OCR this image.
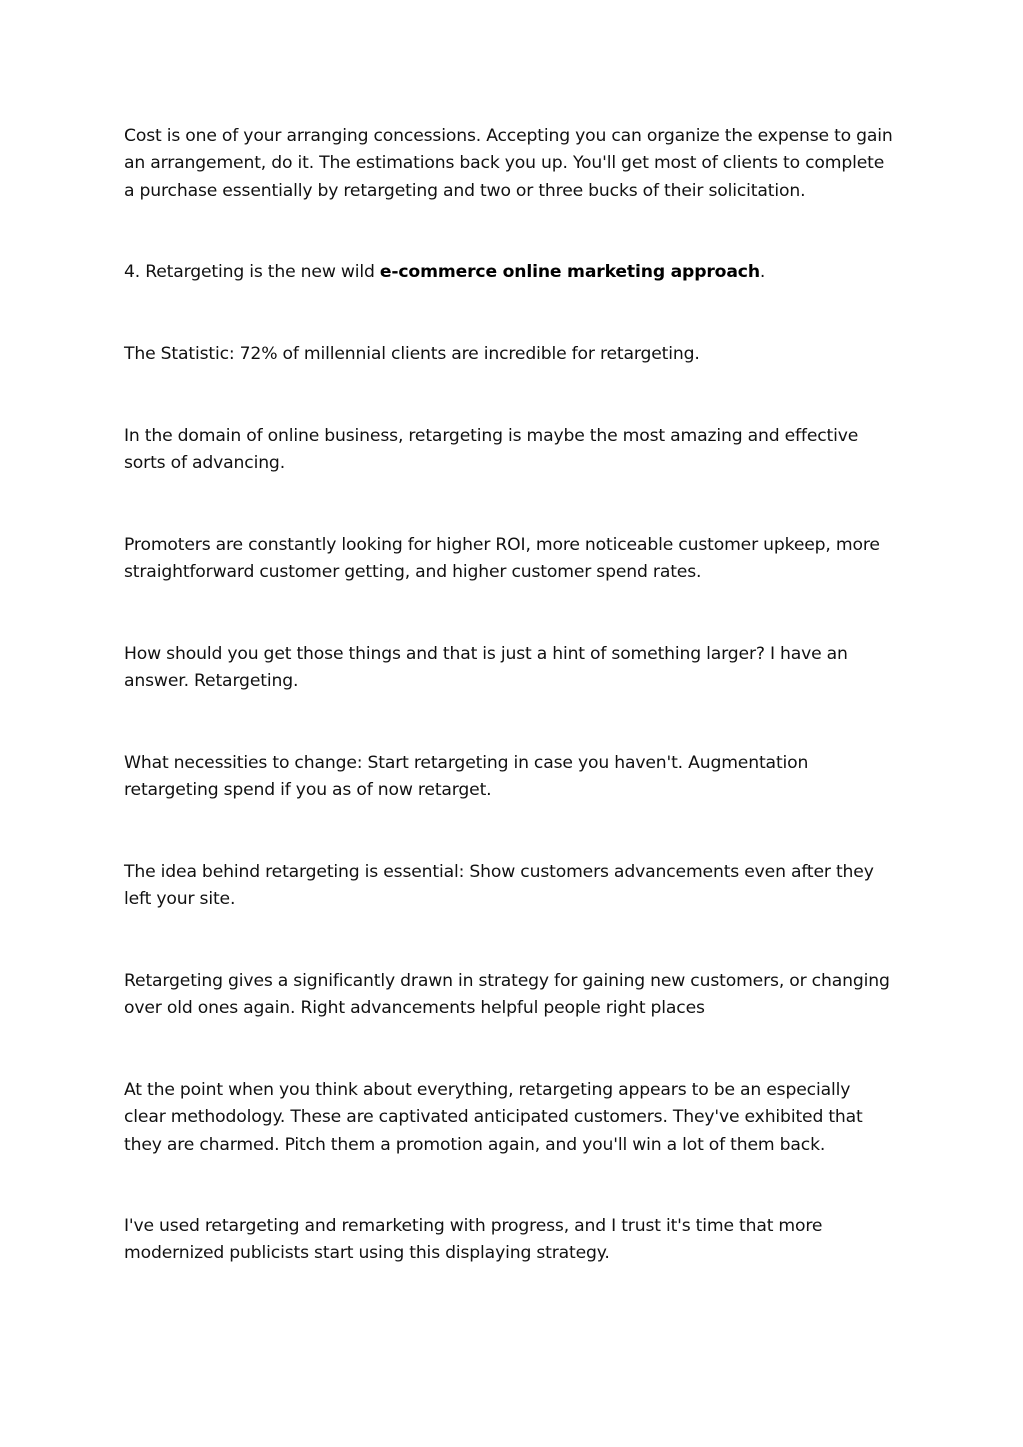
Cost is one of your arranging concessions. Accepting you can organize the expense to gain an arrangement, do it. The estimations back you up. You'll get most of clients to complete a purchase essentially by retargeting and two or three bucks of their solicitation.

4. Retargeting is the new wild e-commerce online marketing approach.

The Statistic: 72% of millennial clients are incredible for retargeting.

In the domain of online business, retargeting is maybe the most amazing and effective sorts of advancing.

Promoters are constantly looking for higher ROI, more noticeable customer upkeep, more straightforward customer getting, and higher customer spend rates.

How should you get those things and that is just a hint of something larger? I have an answer. Retargeting.

What necessities to change: Start retargeting in case you haven't. Augmentation retargeting spend if you as of now retarget.

The idea behind retargeting is essential: Show customers advancements even after they left your site.

Retargeting gives a significantly drawn in strategy for gaining new customers, or changing over old ones again. Right advancements helpful people right places

At the point when you think about everything, retargeting appears to be an especially clear methodology. These are captivated anticipated customers. They've exhibited that they are charmed. Pitch them a promotion again, and you'll win a lot of them back.

I've used retargeting and remarketing with progress, and I trust it's time that more modernized publicists start using this displaying strategy.
